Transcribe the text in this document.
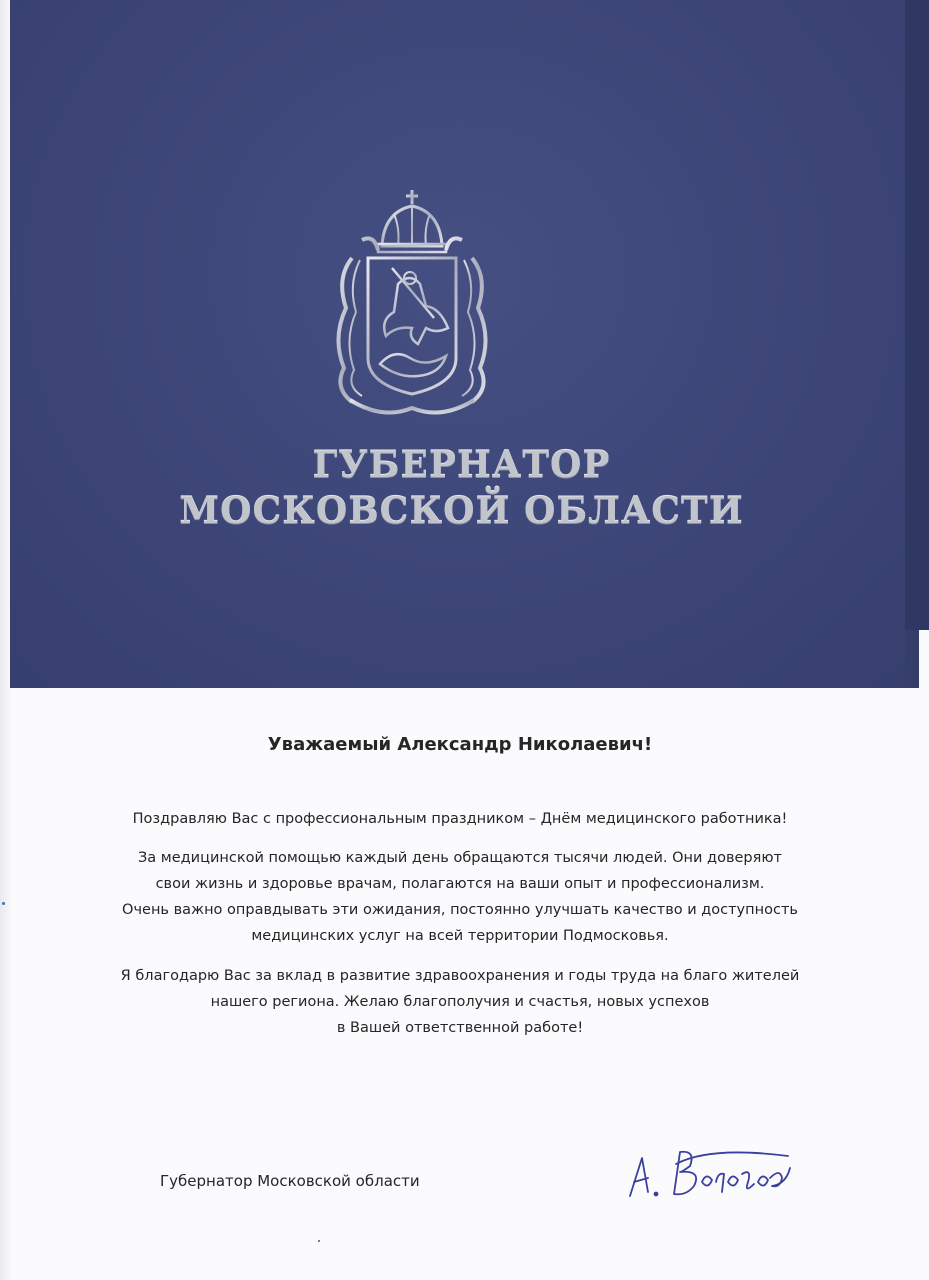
ГУБЕРНАТОР
МОСКОВСКОЙ ОБЛАСТИ
Уважаемый Александр Николаевич!
Поздравляю Вас с профессиональным праздником – Днём медицинского работника!
За медицинской помощью каждый день обращаются тысячи людей. Они доверяют
свои жизнь и здоровье врачам, полагаются на ваши опыт и профессионализм.
Очень важно оправдывать эти ожидания, постоянно улучшать качество и доступность
медицинских услуг на всей территории Подмосковья.
Я благодарю Вас за вклад в развитие здравоохранения и годы труда на благо жителей
нашего региона. Желаю благополучия и счастья, новых успехов
в Вашей ответственной работе!
Губернатор Московской области
